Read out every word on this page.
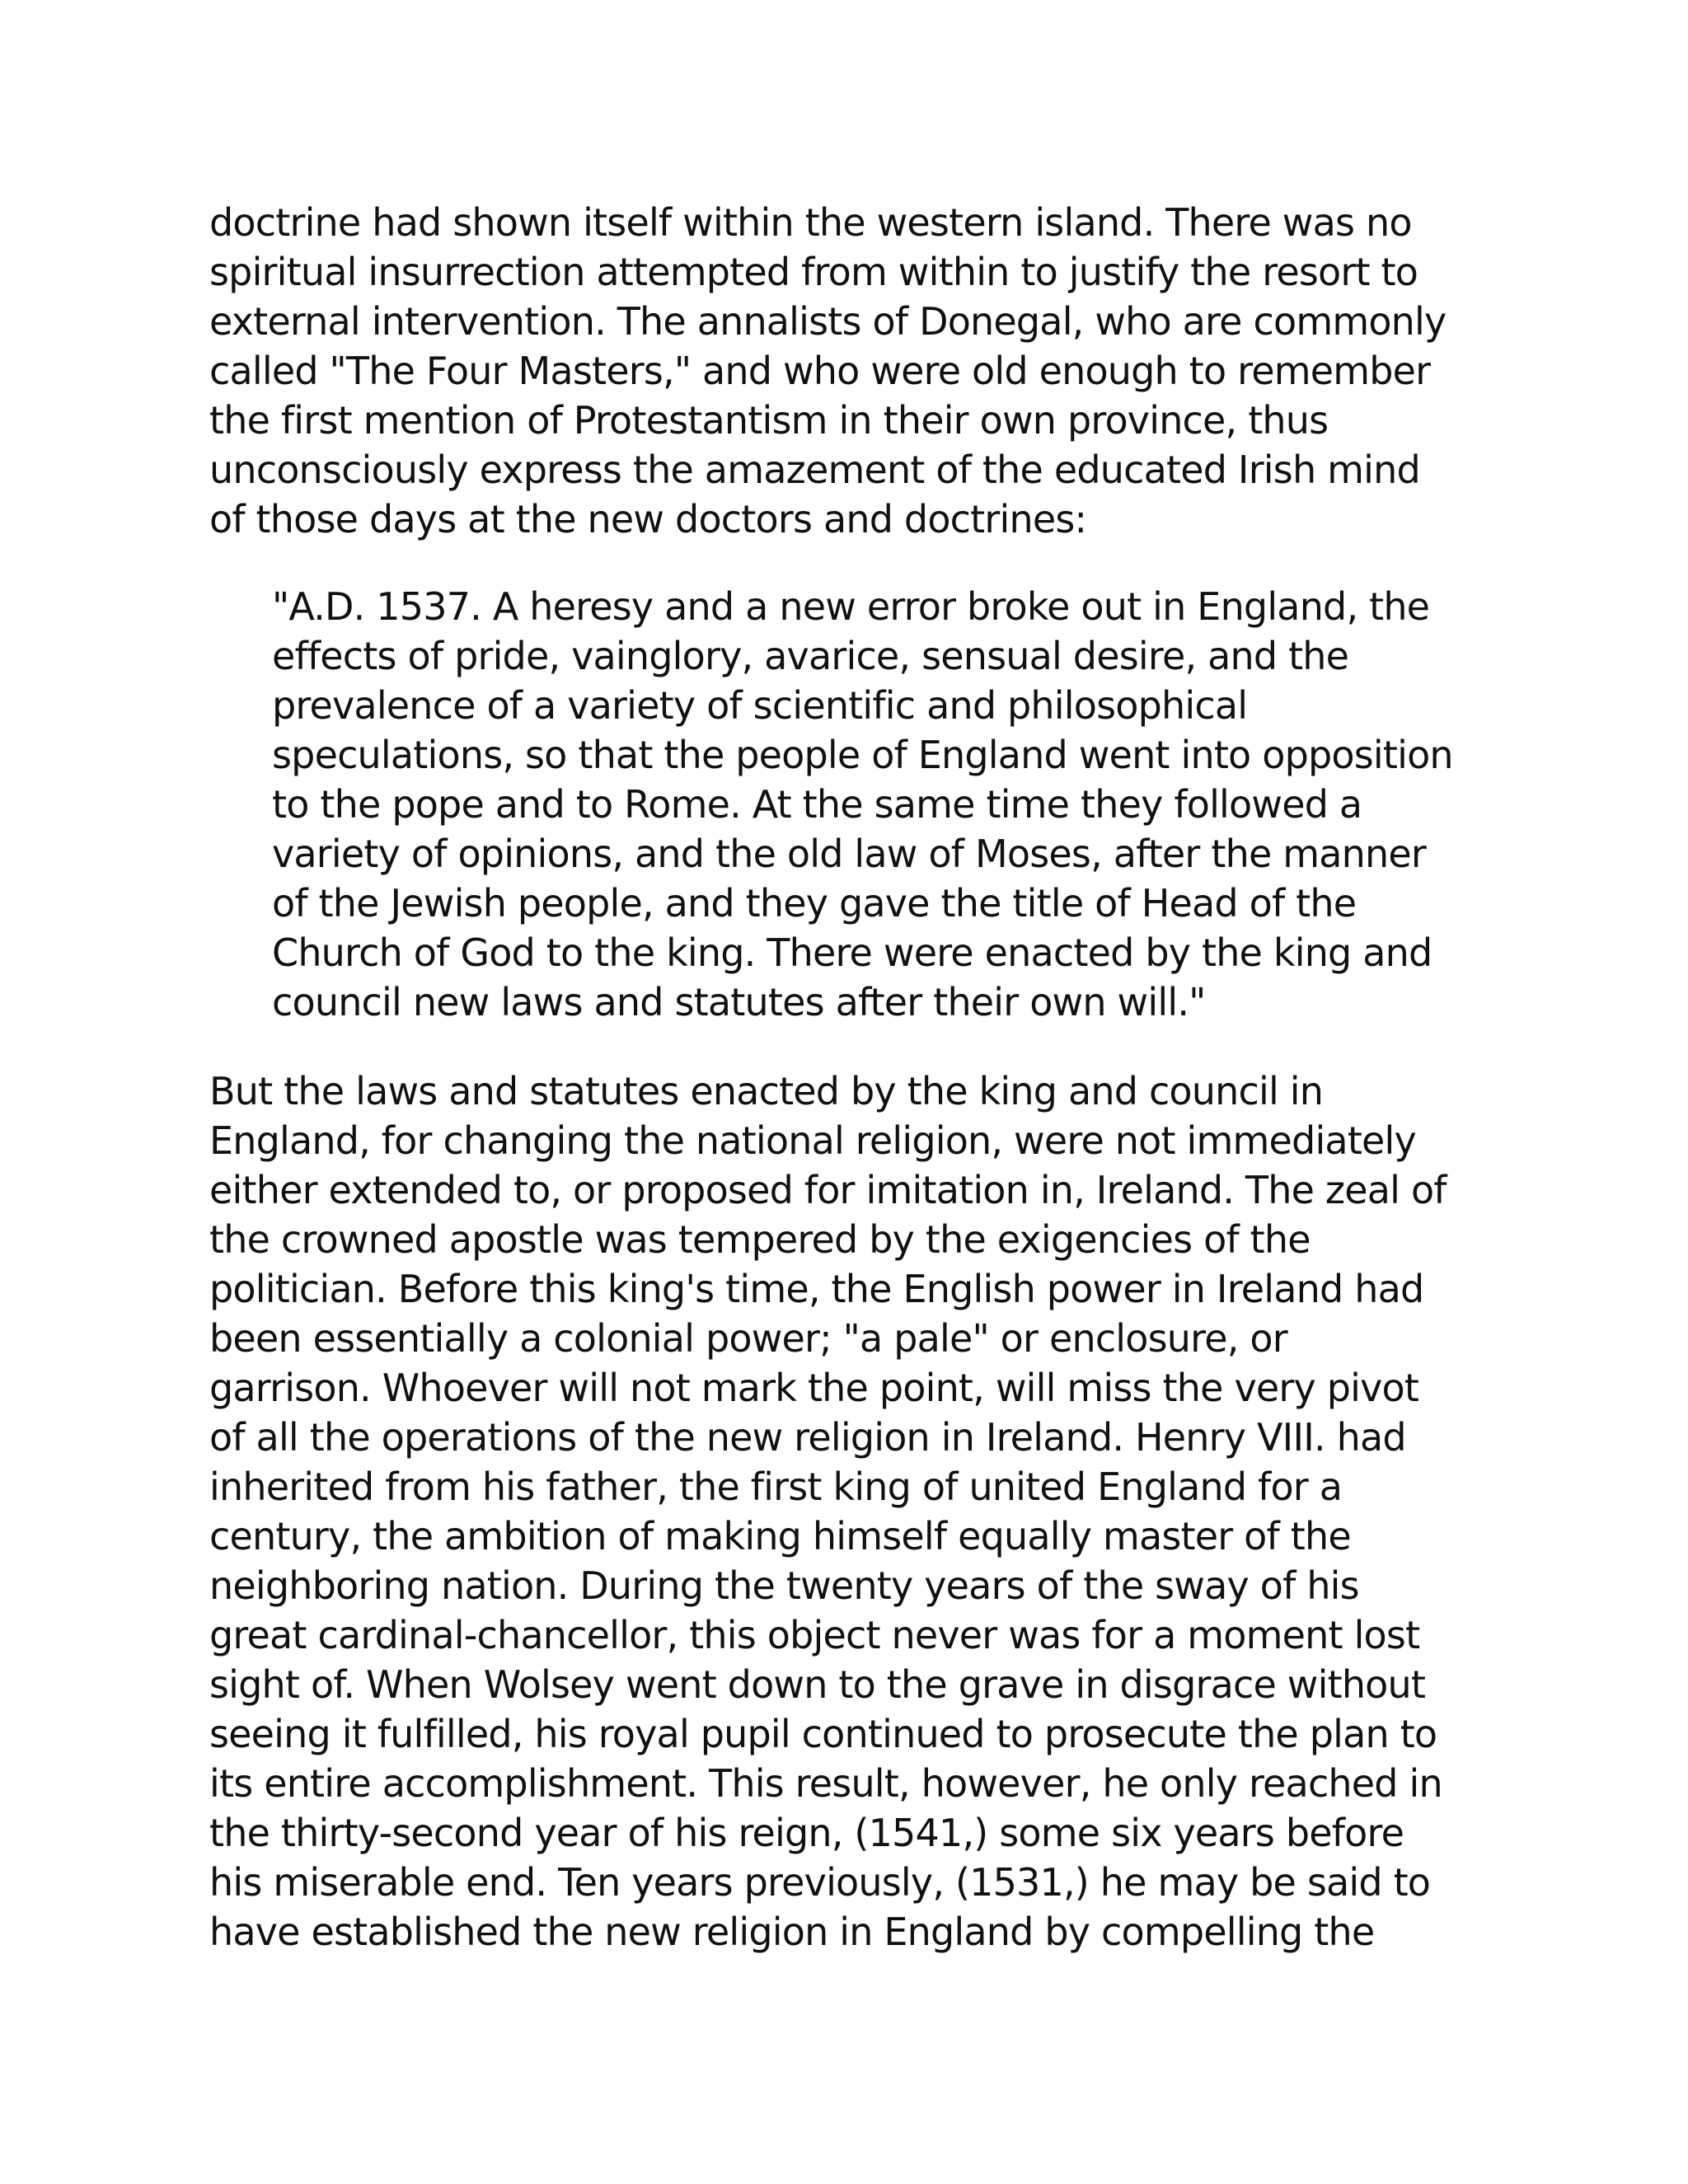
doctrine had shown itself within the western island. There was no
spiritual insurrection attempted from within to justify the resort to
external intervention. The annalists of Donegal, who are commonly
called "The Four Masters," and who were old enough to remember
the first mention of Protestantism in their own province, thus
unconsciously express the amazement of the educated Irish mind
of those days at the new doctors and doctrines:
"A.D. 1537. A heresy and a new error broke out in England, the
effects of pride, vainglory, avarice, sensual desire, and the
prevalence of a variety of scientific and philosophical
speculations, so that the people of England went into opposition
to the pope and to Rome. At the same time they followed a
variety of opinions, and the old law of Moses, after the manner
of the Jewish people, and they gave the title of Head of the
Church of God to the king. There were enacted by the king and
council new laws and statutes after their own will."
But the laws and statutes enacted by the king and council in
England, for changing the national religion, were not immediately
either extended to, or proposed for imitation in, Ireland. The zeal of
the crowned apostle was tempered by the exigencies of the
politician. Before this king's time, the English power in Ireland had
been essentially a colonial power; "a pale" or enclosure, or
garrison. Whoever will not mark the point, will miss the very pivot
of all the operations of the new religion in Ireland. Henry VIII. had
inherited from his father, the first king of united England for a
century, the ambition of making himself equally master of the
neighboring nation. During the twenty years of the sway of his
great cardinal-chancellor, this object never was for a moment lost
sight of. When Wolsey went down to the grave in disgrace without
seeing it fulfilled, his royal pupil continued to prosecute the plan to
its entire accomplishment. This result, however, he only reached in
the thirty-second year of his reign, (1541,) some six years before
his miserable end. Ten years previously, (1531,) he may be said to
have established the new religion in England by compelling the
